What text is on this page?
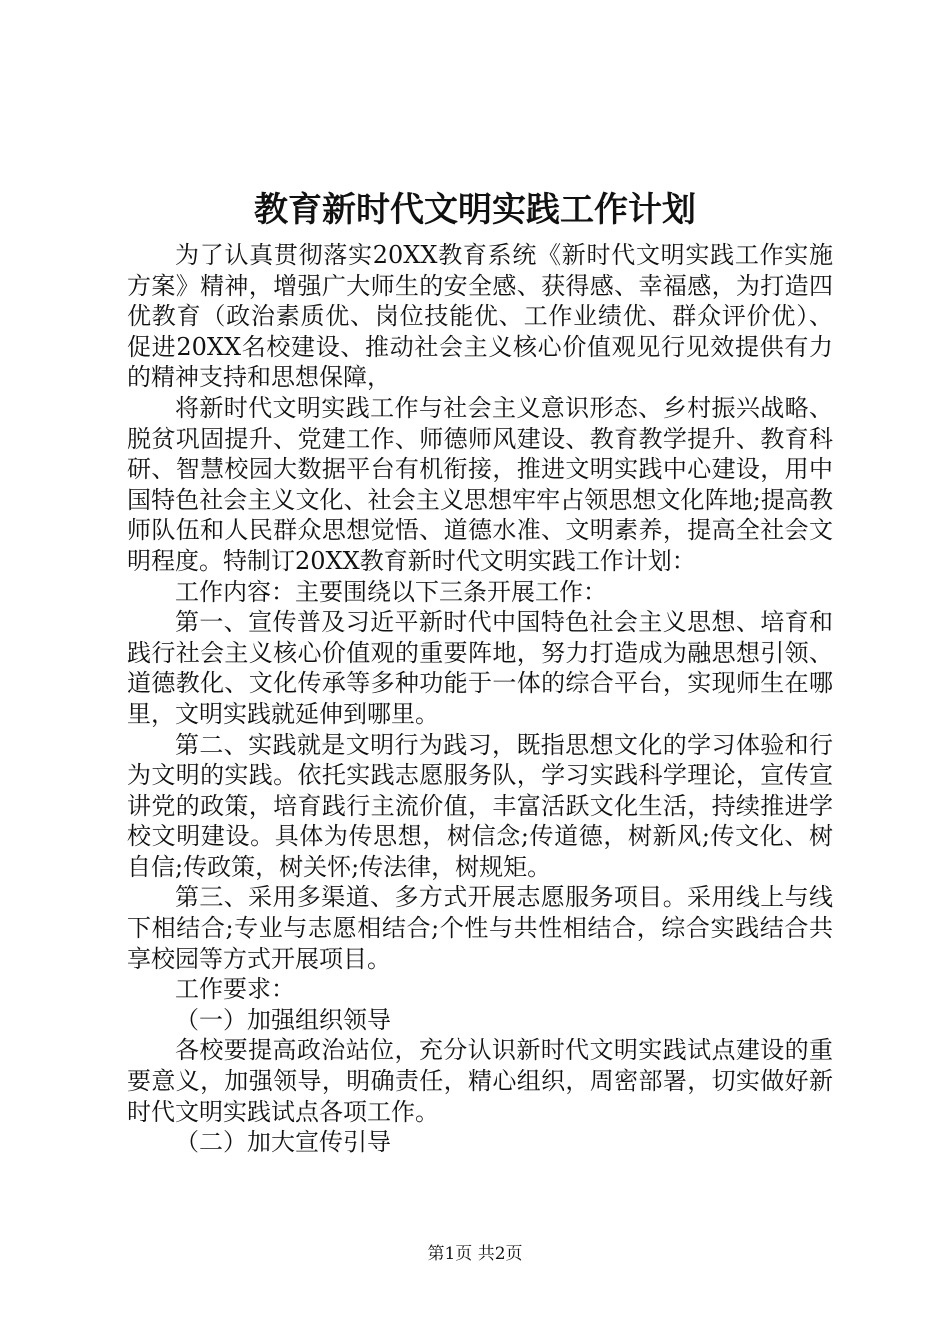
教育新时代文明实践工作计划

为了认真贯彻落实20XX教育系统《新时代文明实践工作实施方案》精神，增强广大师生的安全感、获得感、幸福感，为打造四优教育（政治素质优、岗位技能优、工作业绩优、群众评价优）、促进20XX名校建设、推动社会主义核心价值观见行见效提供有力的精神支持和思想保障，

将新时代文明实践工作与社会主义意识形态、乡村振兴战略、脱贫巩固提升、党建工作、师德师风建设、教育教学提升、教育科研、智慧校园大数据平台有机衔接，推进文明实践中心建设，用中国特色社会主义文化、社会主义思想牢牢占领思想文化阵地;提高教师队伍和人民群众思想觉悟、道德水准、文明素养，提高全社会文明程度。特制订20XX教育新时代文明实践工作计划：

工作内容：主要围绕以下三条开展工作：

第一、宣传普及习近平新时代中国特色社会主义思想、培育和践行社会主义核心价值观的重要阵地，努力打造成为融思想引领、道德教化、文化传承等多种功能于一体的综合平台，实现师生在哪里，文明实践就延伸到哪里。

第二、实践就是文明行为践习，既指思想文化的学习体验和行为文明的实践。依托实践志愿服务队，学习实践科学理论，宣传宣讲党的政策，培育践行主流价值，丰富活跃文化生活，持续推进学校文明建设。具体为传思想，树信念;传道德，树新风;传文化、树自信;传政策，树关怀;传法律，树规矩。

第三、采用多渠道、多方式开展志愿服务项目。采用线上与线下相结合;专业与志愿相结合;个性与共性相结合，综合实践结合共享校园等方式开展项目。

工作要求：

（一）加强组织领导

各校要提高政治站位，充分认识新时代文明实践试点建设的重要意义，加强领导，明确责任，精心组织，周密部署，切实做好新时代文明实践试点各项工作。

（二）加大宣传引导

第1页 共2页
